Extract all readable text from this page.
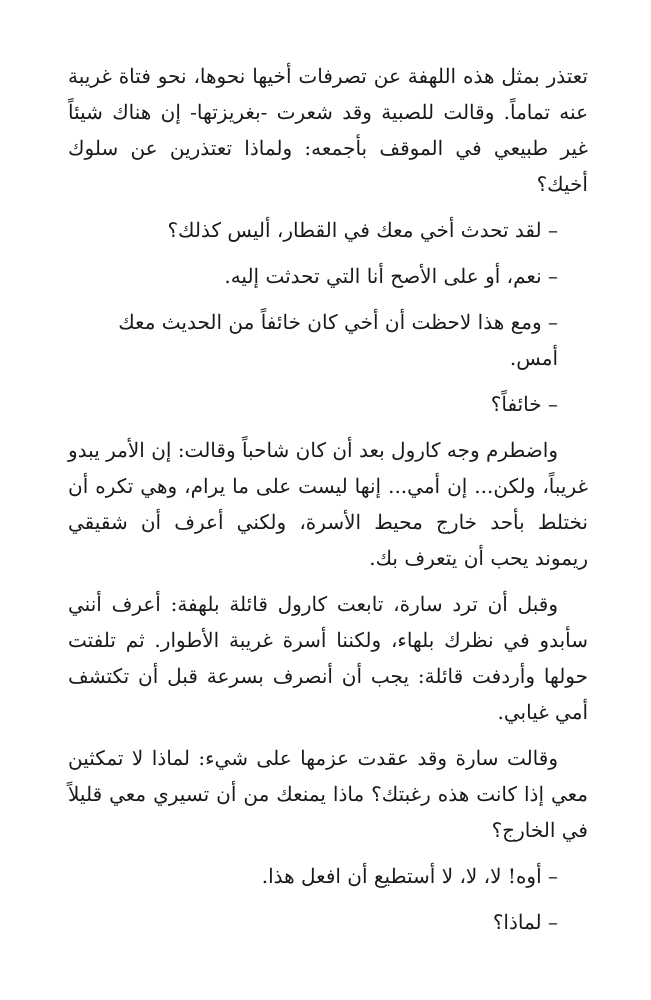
تعتذر بمثل هذه اللهفة عن تصرفات أخيها نحوها، نحو فتاة غريبة عنه تماماً. وقالت للصبية وقد شعرت -بغريزتها- إن هناك شيئاً غير طبيعي في الموقف بأجمعه: ولماذا تعتذرين عن سلوك أخيك؟

– لقد تحدث أخي معك في القطار، أليس كذلك؟

– نعم، أو على الأصح أنا التي تحدثت إليه.

– ومع هذا لاحظت أن أخي كان خائفاً من الحديث معك أمس.

– خائفاً؟

واضطرم وجه كارول بعد أن كان شاحباً وقالت: إن الأمر يبدو غريباً، ولكن... إن أمي... إنها ليست على ما يرام، وهي تكره أن نختلط بأحد خارج محيط الأسرة، ولكني أعرف أن شقيقي ريموند يحب أن يتعرف بك.

وقبل أن ترد سارة، تابعت كارول قائلة بلهفة: أعرف أنني سأبدو في نظرك بلهاء، ولكننا أسرة غريبة الأطوار. ثم تلفتت حولها وأردفت قائلة: يجب أن أنصرف بسرعة قبل أن تكتشف أمي غيابي.

وقالت سارة وقد عقدت عزمها على شيء: لماذا لا تمكثين معي إذا كانت هذه رغبتك؟ ماذا يمنعك من أن تسيري معي قليلاً في الخارج؟

– أوه! لا، لا، لا أستطيع أن افعل هذا.

– لماذا؟
